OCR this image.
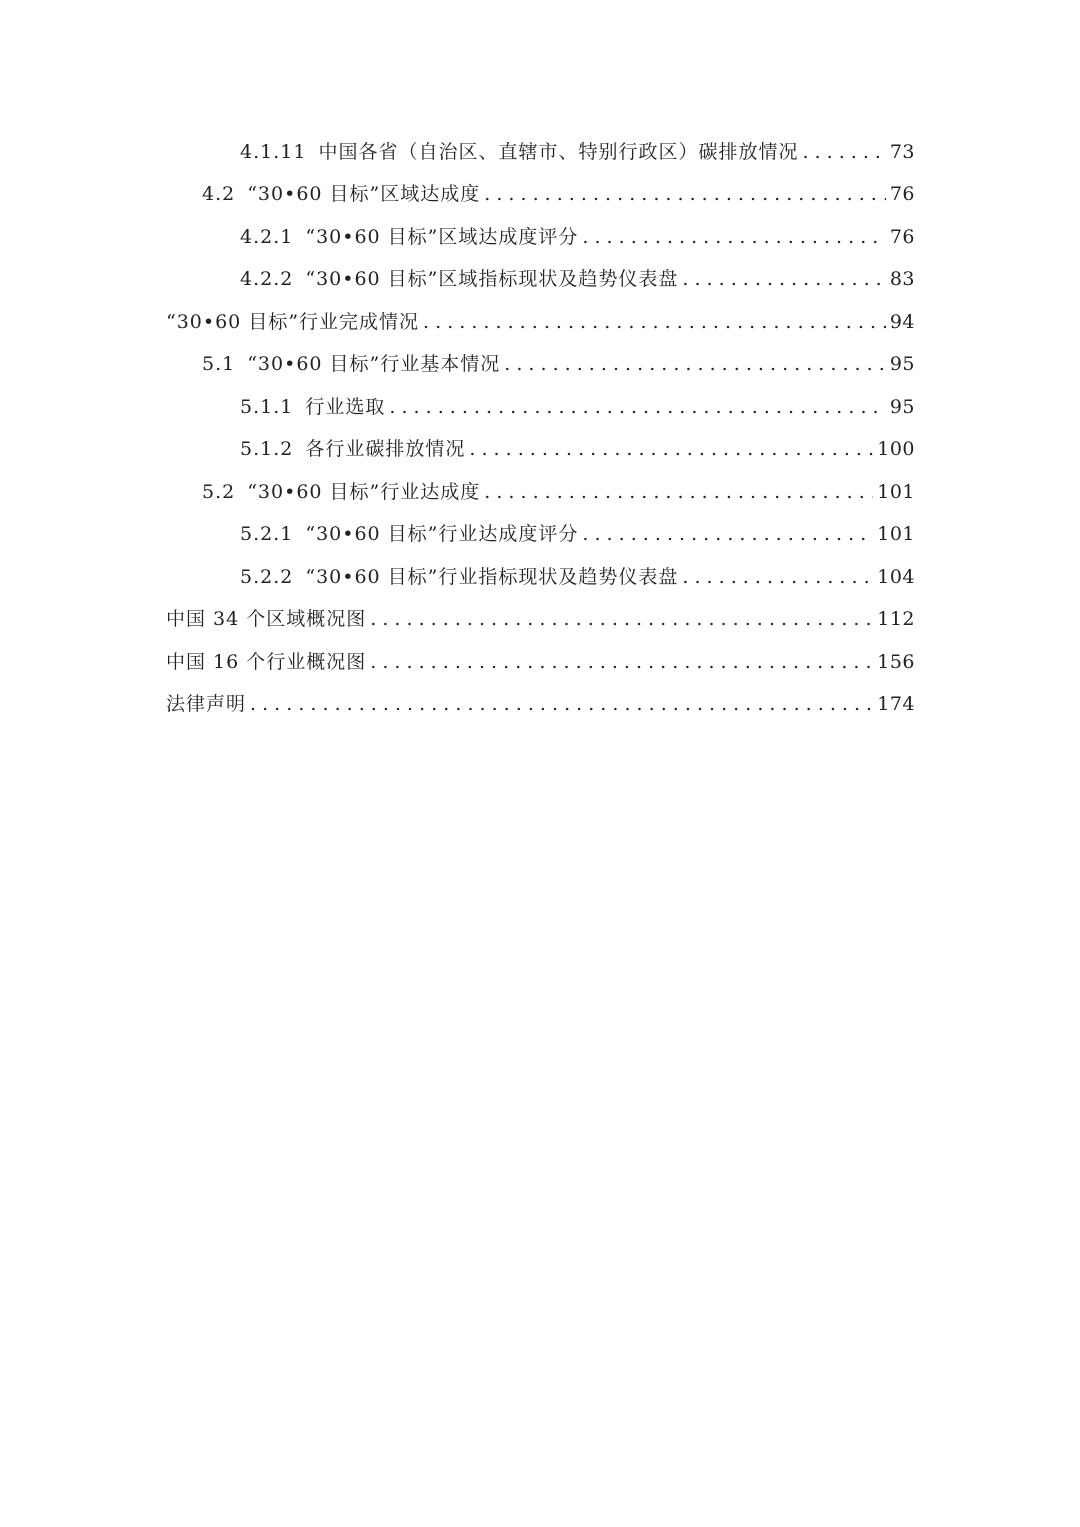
4.1.11 中国各省（自治区、直辖市、特别行政区）碳排放情况 . . .	73
4.2 “30•60 目标”区域达成度 . . .	76
4.2.1 “30•60 目标”区域达成度评分 . . .	76
4.2.2 “30•60 目标”区域指标现状及趋势仪表盘 . . .	83
“30•60 目标”行业完成情况 . . .	94
5.1 “30•60 目标”行业基本情况 . . .	95
5.1.1 行业选取 . . .	95
5.1.2 各行业碳排放情况 . . .	100
5.2 “30•60 目标”行业达成度 . . .	101
5.2.1 “30•60 目标”行业达成度评分 . . .	101
5.2.2 “30•60 目标”行业指标现状及趋势仪表盘 . . .	104
中国 34 个区域概况图 . . .	112
中国 16 个行业概况图 . . .	156
法律声明 . . .	174
